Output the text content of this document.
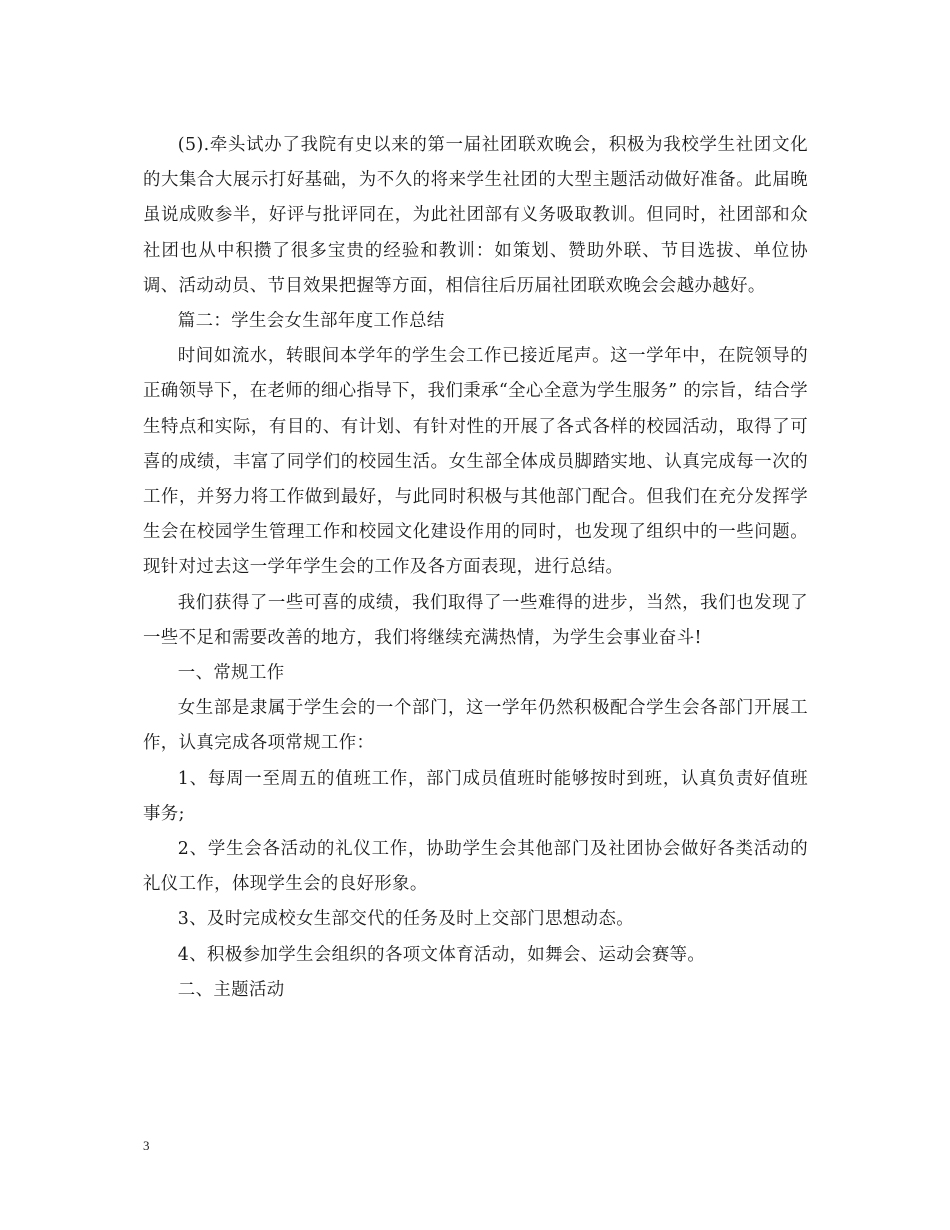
(5).牵头试办了我院有史以来的第一届社团联欢晚会，积极为我校学生社团文化的大集合大展示打好基础，为不久的将来学生社团的大型主题活动做好准备。此届晚虽说成败参半，好评与批评同在，为此社团部有义务吸取教训。但同时，社团部和众社团也从中积攒了很多宝贵的经验和教训：如策划、赞助外联、节目选拔、单位协调、活动动员、节目效果把握等方面，相信往后历届社团联欢晚会会越办越好。

篇二：学生会女生部年度工作总结

时间如流水，转眼间本学年的学生会工作已接近尾声。这一学年中，在院领导的正确领导下，在老师的细心指导下，我们秉承“全心全意为学生服务” 的宗旨，结合学生特点和实际，有目的、有计划、有针对性的开展了各式各样的校园活动，取得了可喜的成绩，丰富了同学们的校园生活。女生部全体成员脚踏实地、认真完成每一次的工作，并努力将工作做到最好，与此同时积极与其他部门配合。但我们在充分发挥学生会在校园学生管理工作和校园文化建设作用的同时，也发现了组织中的一些问题。现针对过去这一学年学生会的工作及各方面表现，进行总结。

我们获得了一些可喜的成绩，我们取得了一些难得的进步，当然，我们也发现了一些不足和需要改善的地方，我们将继续充满热情，为学生会事业奋斗!

一、常规工作

女生部是隶属于学生会的一个部门，这一学年仍然积极配合学生会各部门开展工作，认真完成各项常规工作：

1、每周一至周五的值班工作，部门成员值班时能够按时到班，认真负责好值班事务;

2、学生会各活动的礼仪工作，协助学生会其他部门及社团协会做好各类活动的礼仪工作，体现学生会的良好形象。

3、及时完成校女生部交代的任务及时上交部门思想动态。

4、积极参加学生会组织的各项文体育活动，如舞会、运动会赛等。

二、主题活动

3
